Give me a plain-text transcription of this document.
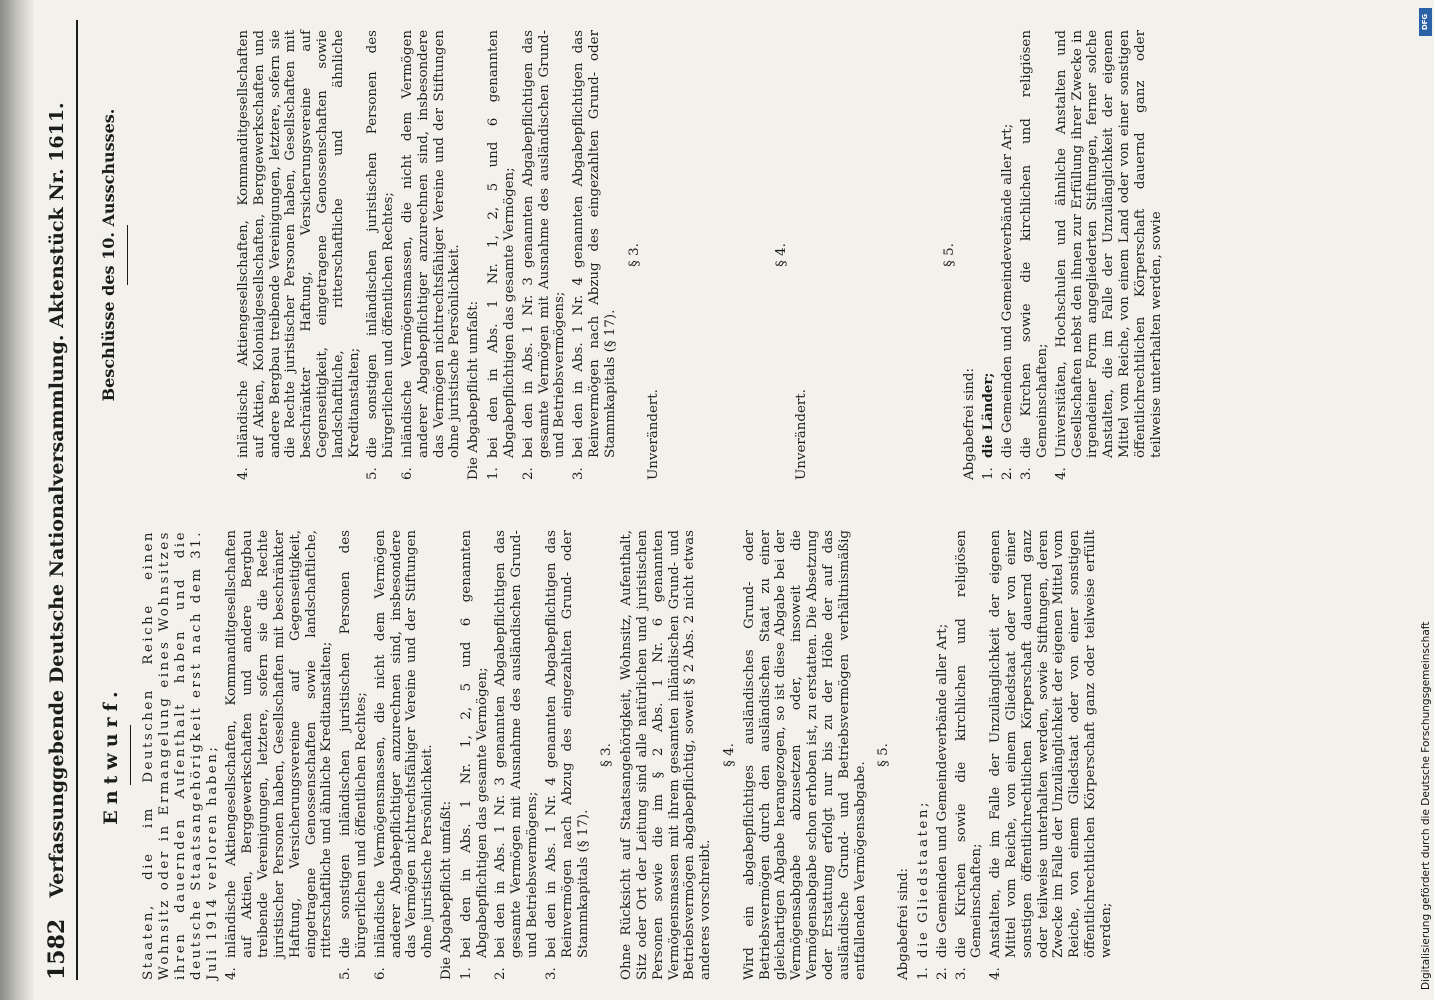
1582
Verfassunggebende Deutsche Nationalversammlung. Aktenstück Nr. 1611. Entwurf. Staaten, die im Deutschen Reiche einen Wohnsitz oder in Ermangelung eines Wohnsitzes ihren dauernden Aufenthalt haben und die deutsche Staatsangehörigkeit erst nach dem 31. Juli 1914 verloren haben; 4.
inländische Aktiengesellschaften, Kommanditgesellschaften auf Aktien, Berggewerkschaften und andere Bergbau treibende Vereinigungen, letztere, sofern sie die Rechte juristischer Personen haben, Gesellschaften mit beschränkter Haftung, Versicherungsvereine auf Gegenseitigkeit, eingetragene Genossenschaften sowie landschaftliche, ritterschaftliche und ähnliche Kreditanstalten;
5.
die sonstigen inländischen juristischen Personen des bürgerlichen und öffentlichen Rechtes;
6.
inländische Vermögensmassen, die nicht dem Vermögen anderer Abgabepflichtiger anzurechnen sind, insbesondere das Vermögen nichtrechtsfähiger Vereine und der Stiftungen ohne juristische Persönlichkeit. Die Abgabepflicht umfaßt: 1.
bei den in Abs. 1 Nr. 1, 2, 5 und 6 genannten Abgabepflichtigen das gesamte Vermögen;
2.
bei den in Abs. 1 Nr. 3 genannten Abgabepflichtigen das gesamte Vermögen mit Ausnahme des ausländischen Grund- und Betriebsvermögens;
3.
bei den in Abs. 1 Nr. 4 genannten Abgabepflichtigen das Reinvermögen nach Abzug des eingezahlten Grund- oder Stammkapitals (§ 17).
§ 3. Ohne Rücksicht auf Staatsangehörigkeit, Wohnsitz, Aufenthalt, Sitz oder Ort der Leitung sind alle natürlichen und juristischen Personen sowie die im § 2 Abs. 1 Nr. 6 genannten Vermögensmassen mit ihrem gesamten inländischen Grund- und Betriebsvermögen abgabepflichtig, soweit § 2 Abs. 2 nicht etwas anderes vorschreibt.

§ 4. Wird ein abgabepflichtiges ausländisches Grund- oder Betriebsvermögen durch den ausländischen Staat zu einer gleichartigen Abgabe herangezogen, so ist diese Abgabe bei der Vermögensabgabe abzusetzen oder, insoweit die Vermögensabgabe schon erhoben ist, zu erstatten. Die Absetzung oder Erstattung erfolgt nur bis zu der Höhe der auf das ausländische Grund- und Betriebsvermögen verhältnismäßig entfallenden Vermögensabgabe.

§ 5.

Abgabefrei sind: 1.
die Gliedstaaten;
2.
die Gemeinden und Gemeindeverbände aller Art;
3.
die Kirchen sowie die kirchlichen und religiösen Gemeinschaften;
4.
Anstalten, die im Falle der Unzulänglichkeit der eigenen Mittel vom Reiche, von einem Gliedstaat oder von einer sonstigen öffentlichrechtlichen Körperschaft dauernd ganz oder teilweise unterhalten werden, sowie Stiftungen, deren Zwecke im Falle der Unzulänglichkeit der eigenen Mittel vom Reiche, von einem Gliedstaat oder von einer sonstigen öffentlichrechtlichen Körperschaft ganz oder teilweise erfüllt werden;
Beschlüsse des 10. Ausschusses.
4.
inländische Aktiengesellschaften, Kommanditgesellschaften auf Aktien, Kolonialgesellschaften, Berggewerkschaften und andere Bergbau treibende Vereinigungen, letztere, sofern sie die Rechte juristischer Personen haben, Gesellschaften mit beschränkter Haftung, Versicherungsvereine auf Gegenseitigkeit, eingetragene Genossenschaften sowie landschaftliche, ritterschaftliche und ähnliche Kreditanstalten;
5.
die sonstigen inländischen juristischen Personen des bürgerlichen und öffentlichen Rechtes;
6.
inländische Vermögensmassen, die nicht dem Vermögen anderer Abgabepflichtiger anzurechnen sind, insbesondere das Vermögen nichtrechtsfähiger Vereine und der Stiftungen ohne juristische Persönlichkeit. Die Abgabepflicht umfaßt: 1.
bei den in Abs. 1 Nr. 1, 2, 5 und 6 genannten Abgabepflichtigen das gesamte Vermögen;
2.
bei den in Abs. 1 Nr. 3 genannten Abgabepflichtigen das gesamte Vermögen mit Ausnahme des ausländischen Grund- und Betriebsvermögens;
3.
bei den in Abs. 1 Nr. 4 genannten Abgabepflichtigen das Reinvermögen nach Abzug des eingezahlten Grund- oder Stammkapitals (§ 17).
§ 3.

Unverändert.

§ 4.

Unverändert.

§ 5.

Abgabefrei sind: 1.
die Länder;
2.
die Gemeinden und Gemeindeverbände aller Art;
3.
die Kirchen sowie die kirchlichen und religiösen Gemeinschaften;
4.
Universitäten, Hochschulen und ähnliche Anstalten und Gesellschaften nebst den ihnen zur Erfüllung ihrer Zwecke in irgendeiner Form angegliederten Stiftungen, ferner solche Anstalten, die im Falle der Unzulänglichkeit der eigenen Mittel vom Reiche, von einem Land oder von einer sonstigen öffentlichrechtlichen Körperschaft dauernd ganz oder teilweise unterhalten werden, sowie
DFG
Digitalisierung gefördert durch die Deutsche Forschungsgemeinschaft
